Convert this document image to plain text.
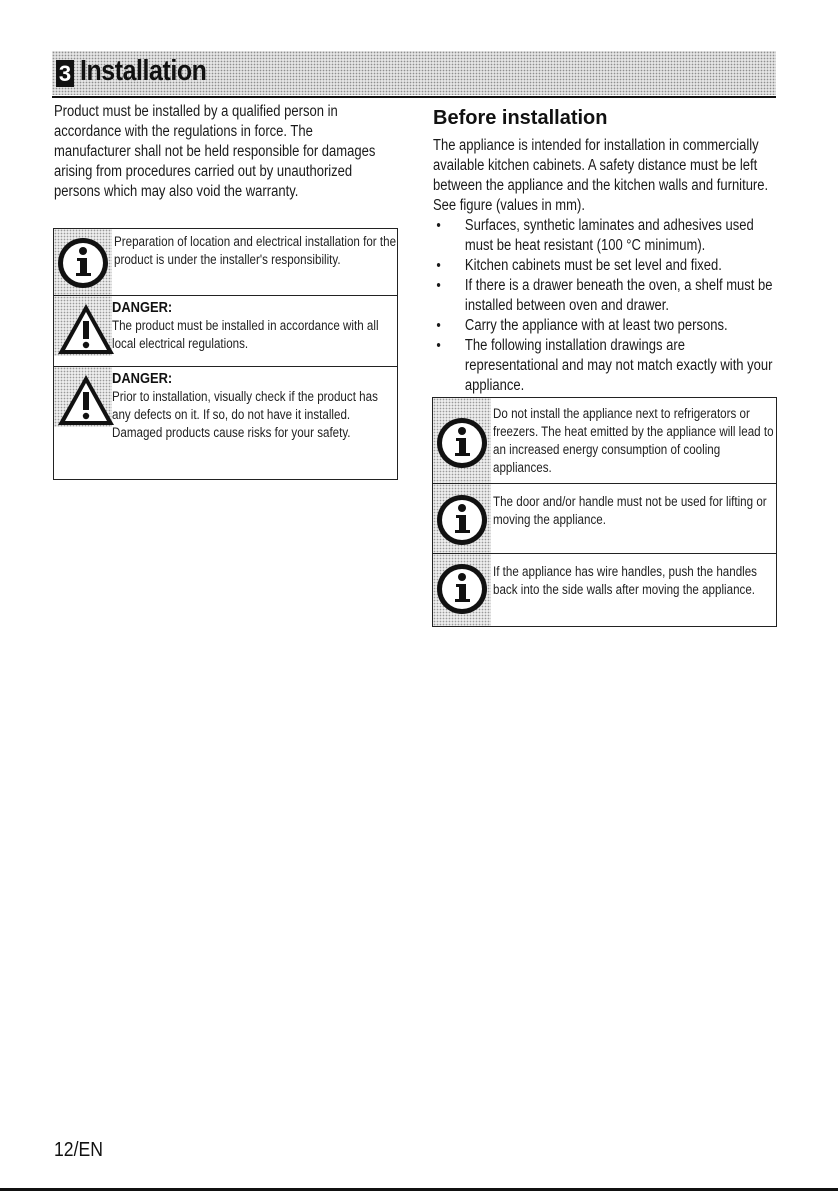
3 Installation
Product must be installed by a qualified person in accordance with the regulations in force. The manufacturer shall not be held responsible for damages arising from procedures carried out by unauthorized persons which may also void the warranty.
Preparation of location and electrical installation for the product is under the installer's responsibility.
DANGER:
The product must be installed in accordance with all local electrical regulations.
DANGER:
Prior to installation, visually check if the product has any defects on it. If so, do not have it installed.
Damaged products cause risks for your safety.
Before installation
The appliance is intended for installation in commercially available kitchen cabinets. A safety distance must be left between the appliance and the kitchen walls and furniture. See figure (values in mm).
• Surfaces, synthetic laminates and adhesives used must be heat resistant (100 °C minimum).
• Kitchen cabinets must be set level and fixed.
• If there is a drawer beneath the oven, a shelf must be installed between oven and drawer.
• Carry the appliance with at least two persons.
• The following installation drawings are representational and may not match exactly with your appliance.
Do not install the appliance next to refrigerators or freezers. The heat emitted by the appliance will lead to an increased energy consumption of cooling appliances.
The door and/or handle must not be used for lifting or moving the appliance.
If the appliance has wire handles, push the handles back into the side walls after moving the appliance.
12/EN
